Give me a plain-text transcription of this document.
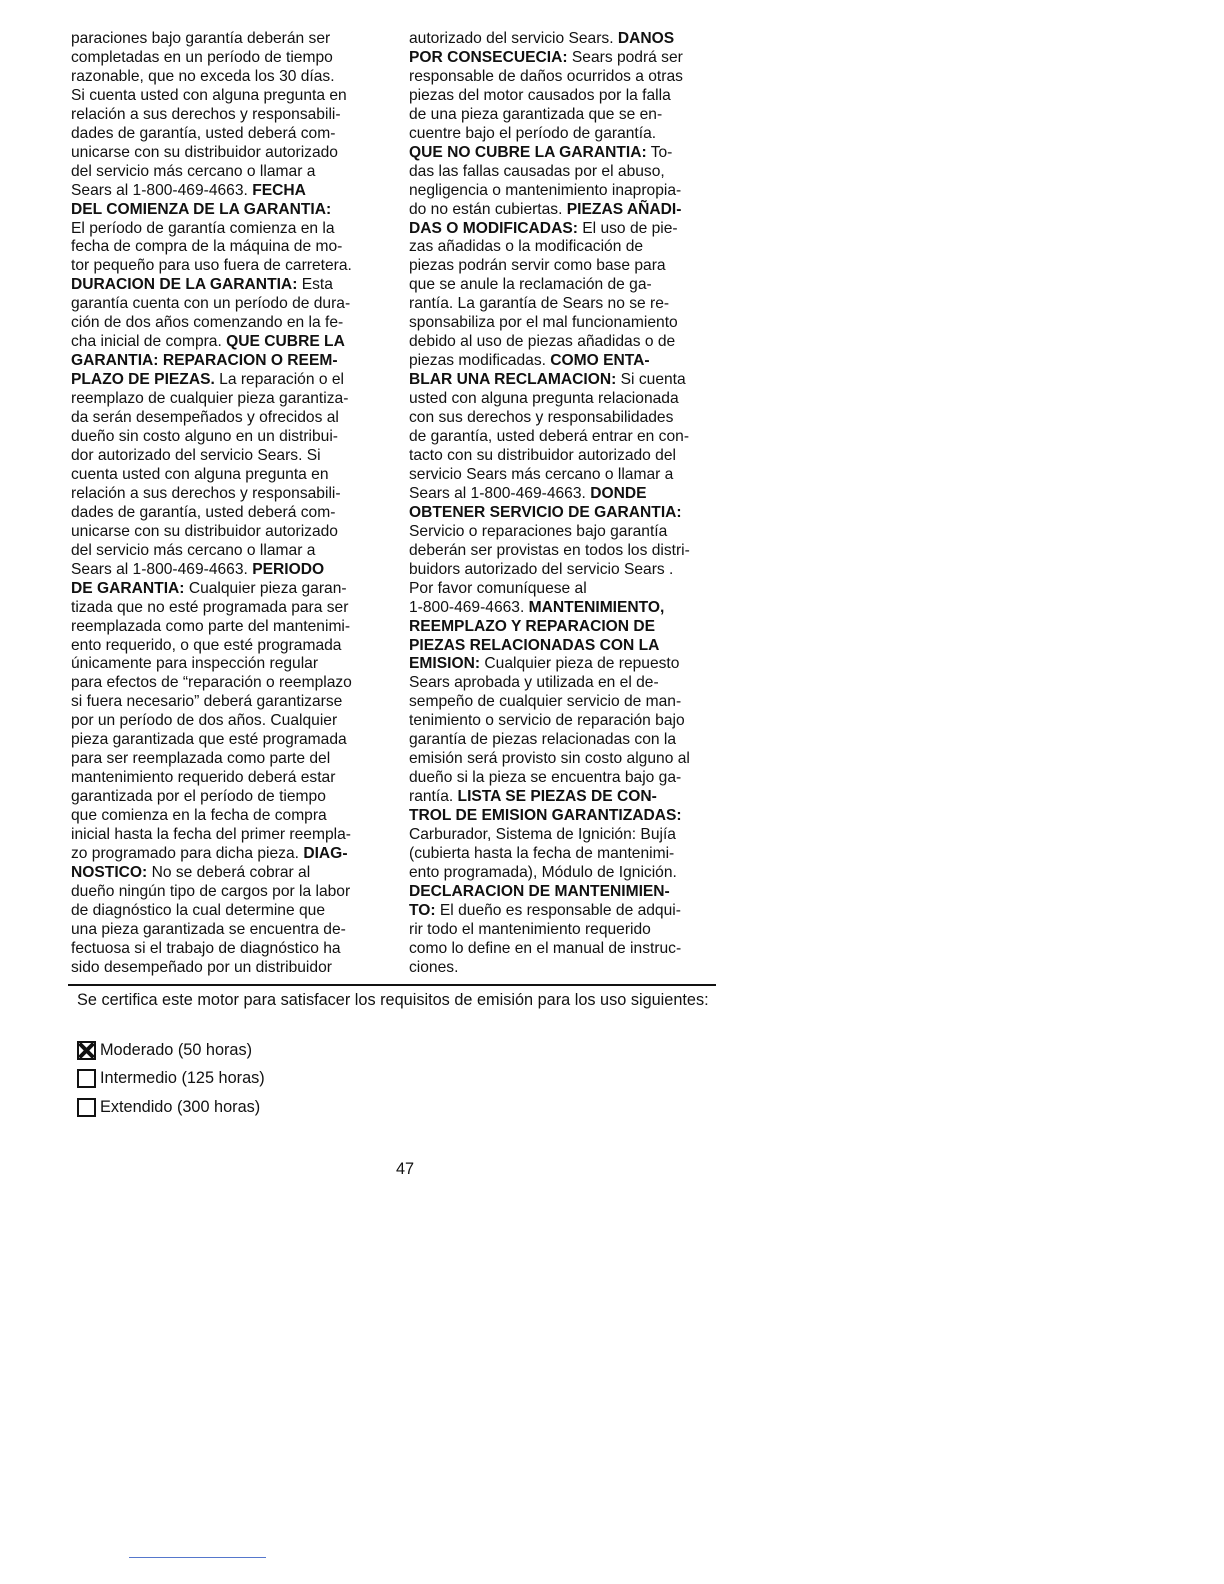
paraciones bajo garantía deberán ser
completadas en un período de tiempo
razonable, que no exceda los 30 días.
Si cuenta usted con alguna pregunta en
relación a sus derechos y responsabili-
dades de garantía, usted deberá com-
unicarse con su distribuidor autorizado
del servicio más cercano o llamar a
Sears al 1-800-469-4663. FECHA
DEL COMIENZA DE LA GARANTIA:
El período de garantía comienza en la
fecha de compra de la máquina de mo-
tor pequeño para uso fuera de carretera.
DURACION DE LA GARANTIA: Esta
garantía cuenta con un período de dura-
ción de dos años comenzando en la fe-
cha inicial de compra. QUE CUBRE LA
GARANTIA: REPARACION O REEM-
PLAZO DE PIEZAS. La reparación o el
reemplazo de cualquier pieza garantiza-
da serán desempeñados y ofrecidos al
dueño sin costo alguno en un distribui-
dor autorizado del servicio Sears. Si
cuenta usted con alguna pregunta en
relación a sus derechos y responsabili-
dades de garantía, usted deberá com-
unicarse con su distribuidor autorizado
del servicio más cercano o llamar a
Sears al 1-800-469-4663. PERIODO
DE GARANTIA: Cualquier pieza garan-
tizada que no esté programada para ser
reemplazada como parte del mantenimi-
ento requerido, o que esté programada
únicamente para inspección regular
para efectos de “reparación o reemplazo
si fuera necesario” deberá garantizarse
por un período de dos años. Cualquier
pieza garantizada que esté programada
para ser reemplazada como parte del
mantenimiento requerido deberá estar
garantizada por el período de tiempo
que comienza en la fecha de compra
inicial hasta la fecha del primer reempla-
zo programado para dicha pieza. DIAG-
NOSTICO: No se deberá cobrar al
dueño ningún tipo de cargos por la labor
de diagnóstico la cual determine que
una pieza garantizada se encuentra de-
fectuosa si el trabajo de diagnóstico ha
sido desempeñado por un distribuidor
autorizado del servicio Sears. DANOS
POR CONSECUECIA: Sears podrá ser
responsable de daños ocurridos a otras
piezas del motor causados por la falla
de una pieza garantizada que se en-
cuentre bajo el período de garantía.
QUE NO CUBRE LA GARANTIA: To-
das las fallas causadas por el abuso,
negligencia o mantenimiento inapropia-
do no están cubiertas. PIEZAS AÑADI-
DAS O MODIFICADAS: El uso de pie-
zas añadidas o la modificación de
piezas podrán servir como base para
que se anule la reclamación de ga-
rantía. La garantía de Sears no se re-
sponsabiliza por el mal funcionamiento
debido al uso de piezas añadidas o de
piezas modificadas. COMO ENTA-
BLAR UNA RECLAMACION: Si cuenta
usted con alguna pregunta relacionada
con sus derechos y responsabilidades
de garantía, usted deberá entrar en con-
tacto con su distribuidor autorizado del
servicio Sears más cercano o llamar a
Sears al 1-800-469-4663. DONDE
OBTENER SERVICIO DE GARANTIA:
Servicio o reparaciones bajo garantía
deberán ser provistas en todos los distri-
buidors autorizado del servicio Sears .
Por favor comuníquese al
1-800-469-4663. MANTENIMIENTO,
REEMPLAZO Y REPARACION DE
PIEZAS RELACIONADAS CON LA
EMISION: Cualquier pieza de repuesto
Sears aprobada y utilizada en el de-
sempeño de cualquier servicio de man-
tenimiento o servicio de reparación bajo
garantía de piezas relacionadas con la
emisión será provisto sin costo alguno al
dueño si la pieza se encuentra bajo ga-
rantía. LISTA SE PIEZAS DE CON-
TROL DE EMISION GARANTIZADAS:
Carburador, Sistema de Ignición: Bujía
(cubierta hasta la fecha de mantenimi-
ento programada), Módulo de Ignición.
DECLARACION DE MANTENIMIEN-
TO: El dueño es responsable de adqui-
rir todo el mantenimiento requerido
como lo define en el manual de instruc-
ciones.
Se certifica este motor para satisfacer los requisitos de emisión para los uso siguientes:
Moderado (50 horas)
Intermedio (125 horas)
Extendido (300 horas)
47
